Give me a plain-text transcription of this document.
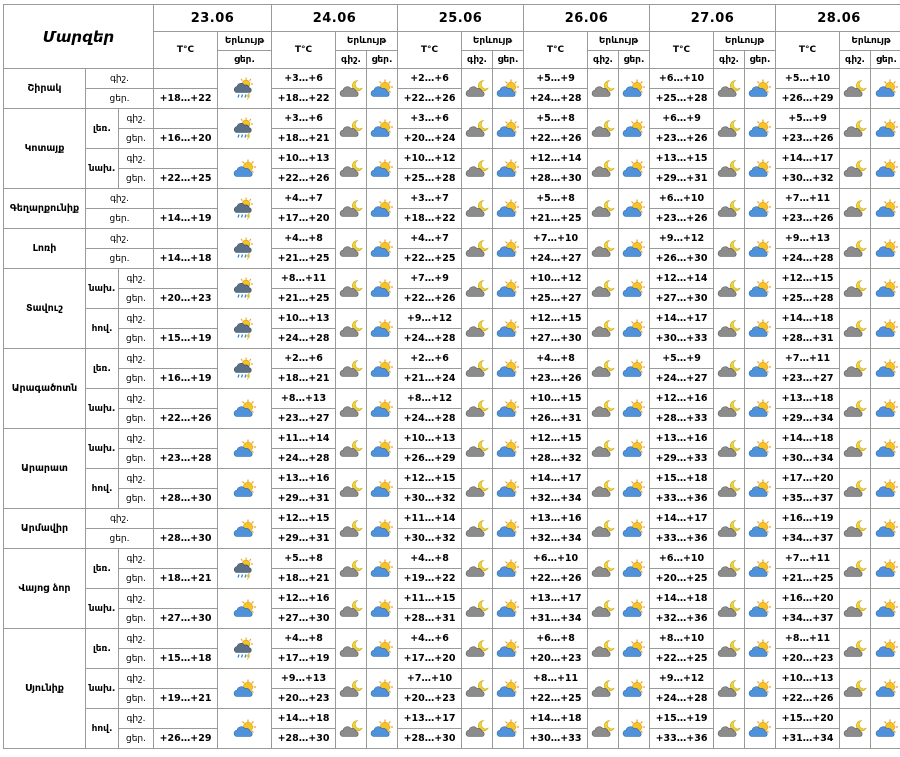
Մարզեր			23.06		24.06			25.06			26.06			27.06			28.06		
			T°C	Երևույթ	T°C	Երևույթ		T°C	Երևույթ		T°C	Երևույթ		T°C	Երևույթ		T°C	Երևույթ	
				ցեր.		գիշ.	ցեր.		գիշ.	ցեր.		գիշ.	ցեր.		գիշ.	ցեր.		գիշ.	ցեր.
Շիրակ	գիշ.				+3…+6			+2…+6			+5…+9			+6…+10			+5…+10	

	ցեր.		+18…+22		+18…+22			+22…+26			+24…+28			+25…+28			+26…+29		
Կոտայք	լեռ.	գիշ.			+3…+6			+3…+6			+5…+8			+6…+9			+5…+9	

		ցեր.	+16…+20		+18…+21			+20…+24			+22…+26			+23…+26			+23…+26		
	նախ.	գիշ.			+10…+13			+10…+12			+12…+14			+13…+15			+14…+17	

		ցեր.	+22…+25		+22…+26			+25…+28			+28…+30			+29…+31			+30…+32		
Գեղարքունիք	գիշ.				+4…+7			+3…+7			+5…+8			+6…+10			+7…+11	

	ցեր.		+14…+19		+17…+20			+18…+22			+21…+25			+23…+26			+23…+26		
Լոռի	գիշ.				+4…+8			+4…+7			+7…+10			+9…+12			+9…+13	

	ցեր.		+14…+18		+21…+25			+22…+25			+24…+27			+26…+30			+24…+28		
Տավուշ	նախ.	գիշ.			+8…+11			+7…+9			+10…+12			+12…+14			+12…+15	

		ցեր.	+20…+23		+21…+25			+22…+26			+25…+27			+27…+30			+25…+28		
	հով.	գիշ.			+10…+13			+9…+12			+12…+15			+14…+17			+14…+18	

		ցեր.	+15…+19		+24…+28			+24…+28			+27…+30			+30…+33			+28…+31		
Արագածոտն	լեռ.	գիշ.			+2…+6			+2…+6			+4…+8			+5…+9			+7…+11	

		ցեր.	+16…+19		+18…+21			+21…+24			+23…+26			+24…+27			+23…+27		
	նախ.	գիշ.			+8…+13			+8…+12			+10…+15			+12…+16			+13…+18	

		ցեր.	+22…+26		+23…+27			+24…+28			+26…+31			+28…+33			+29…+34		
Արարատ	նախ.	գիշ.			+11…+14			+10…+13			+12…+15			+13…+16			+14…+18	

		ցեր.	+23…+28		+24…+28			+26…+29			+28…+32			+29…+33			+30…+34		
	հով.	գիշ.			+13…+16			+12…+15			+14…+17			+15…+18			+17…+20	

		ցեր.	+28…+30		+29…+31			+30…+32			+32…+34			+33…+36			+35…+37		
Արմավիր	գիշ.				+12…+15			+11…+14			+13…+16			+14…+17			+16…+19	

	ցեր.		+28…+30		+29…+31			+30…+32			+32…+34			+33…+36			+34…+37		
Վայոց ձոր	լեռ.	գիշ.			+5…+8			+4…+8			+6…+10			+6…+10			+7…+11	

		ցեր.	+18…+21		+18…+21			+19…+22			+22…+26			+20…+25			+21…+25		
	նախ.	գիշ.			+12…+16			+11…+15			+13…+17			+14…+18			+16…+20	

		ցեր.	+27…+30		+27…+30			+28…+31			+31…+34			+32…+36			+34…+37		
Սյունիք	լեռ.	գիշ.			+4…+8			+4…+6			+6…+8			+8…+10			+8…+11	

		ցեր.	+15…+18		+17…+19			+17…+20			+20…+23			+22…+25			+20…+23		
	նախ.	գիշ.			+9…+13			+7…+10			+8…+11			+9…+12			+10…+13	

		ցեր.	+19…+21		+20…+23			+20…+23			+22…+25			+24…+28			+22…+26		
	հով.	գիշ.			+14…+18			+13…+17			+14…+18			+15…+19			+15…+20	

		ցեր.	+26…+29		+28…+30			+28…+30			+30…+33			+33…+36			+31…+34		
